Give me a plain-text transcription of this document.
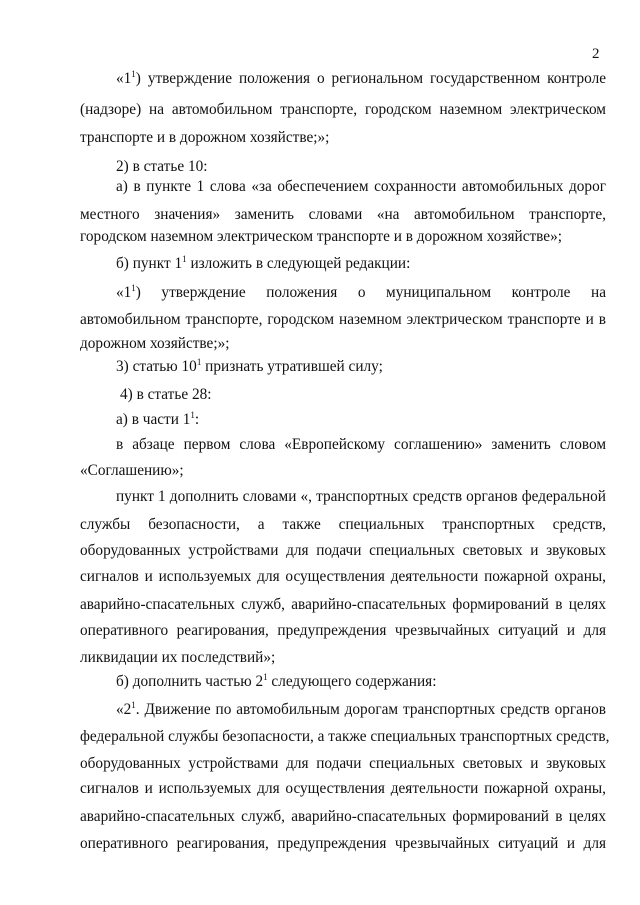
2
«$1^1$) утверждение положения о региональном государственном контроле
(надзоре) на автомобильном транспорте, городском наземном электрическом
транспорте и в дорожном хозяйстве;»;
2) в статье 10:
а) в пункте 1 слова «за обеспечением сохранности автомобильных дорог
местного значения» заменить словами «на автомобильном транспорте,
городском наземном электрическом транспорте и в дорожном хозяйстве»;
б) пункт $1^1$ изложить в следующей редакции:
«$1^1$) утверждение положения о муниципальном контроле на
автомобильном транспорте, городском наземном электрическом транспорте и в
дорожном хозяйстве;»;
3) статью $10^1$ признать утратившей силу;
4) в статье 28:
а) в части $1^1$:
в абзаце первом слова «Европейскому соглашению» заменить словом
«Соглашению»;
пункт 1 дополнить словами «, транспортных средств органов федеральной
службы безопасности, а также специальных транспортных средств,
оборудованных устройствами для подачи специальных световых и звуковых
сигналов и используемых для осуществления деятельности пожарной охраны,
аварийно-спасательных служб, аварийно-спасательных формирований в целях
оперативного реагирования, предупреждения чрезвычайных ситуаций и для
ликвидации их последствий»;
б) дополнить частью $2^1$ следующего содержания:
«$2^1$. Движение по автомобильным дорогам транспортных средств органов
федеральной службы безопасности, а также специальных транспортных средств,
оборудованных устройствами для подачи специальных световых и звуковых
сигналов и используемых для осуществления деятельности пожарной охраны,
аварийно-спасательных служб, аварийно-спасательных формирований в целях
оперативного реагирования, предупреждения чрезвычайных ситуаций и для
